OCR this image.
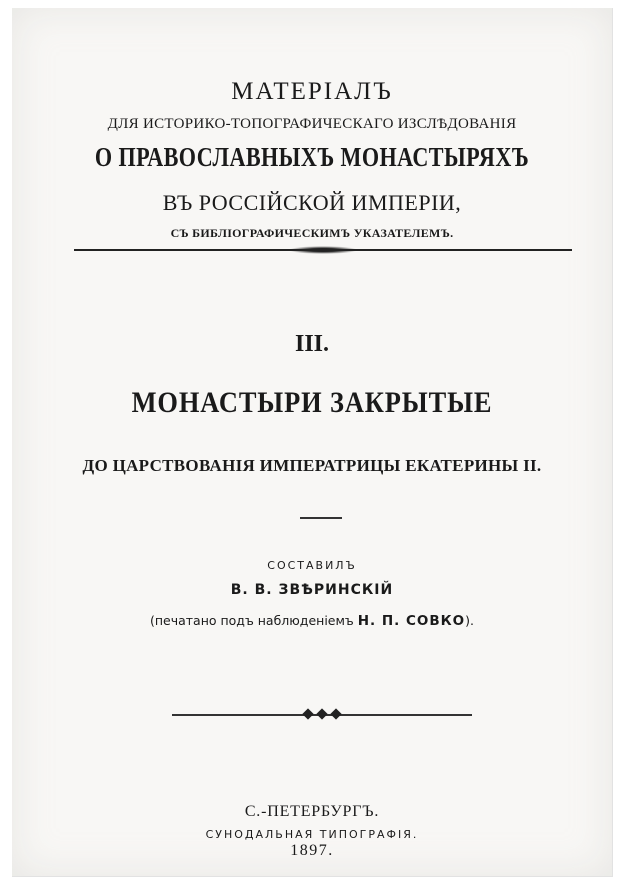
МАТЕРІАЛЪ
ДЛЯ ИСТОРИКО-ТОПОГРАФИЧЕСКАГО ИЗСЛѢДОВАНІЯ
О ПРАВОСЛАВНЫХЪ МОНАСТЫРЯХЪ
ВЪ РОССІЙСКОЙ ИМПЕРІИ,
СЪ БИБЛІОГРАФИЧЕСКИМЪ УКАЗАТЕЛЕМЪ.
III.
МОНАСТЫРИ ЗАКРЫТЫЕ
ДО ЦАРСТВОВАНІЯ ИМПЕРАТРИЦЫ ЕКАТЕРИНЫ II.
СОСТАВИЛЪ
В. В. ЗВѢРИНСКІЙ
(печатано подъ наблюденіемъ Н. П. СОВКО).
С.-ПЕТЕРБУРГЪ.
СУНОДАЛЬНАЯ ТИПОГРАФІЯ.
1897.
